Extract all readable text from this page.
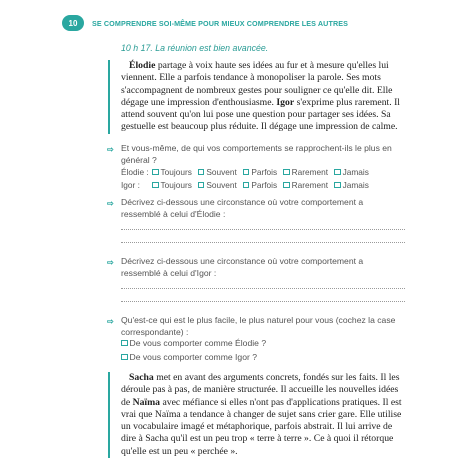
10	SE COMPRENDRE SOI-MÊME POUR MIEUX COMPRENDRE LES AUTRES
10 h 17. La réunion est bien avancée.

Élodie partage à voix haute ses idées au fur et à mesure qu'elles lui viennent. Elle a parfois tendance à monopoliser la parole. Ses mots s'accompagnent de nombreux gestes pour souligner ce qu'elle dit. Elle dégage une impression d'enthousiasme. Igor s'exprime plus rarement. Il attend souvent qu'on lui pose une question pour partager ses idées. Sa gestuelle est beaucoup plus réduite. Il dégage une impression de calme.

⇨ Et vous-même, de qui vos comportements se rapprochent-ils le plus en général ?
Élodie :	Toujours Souvent Parfois Rarement Jamais
Igor :	Toujours Souvent Parfois Rarement Jamais
⇨ Décrivez ci-dessous une circonstance où votre comportement a ressemblé à celui d'Élodie :
⇨ Décrivez ci-dessous une circonstance où votre comportement a ressemblé à celui d'Igor :
⇨ Qu'est-ce qui est le plus facile, le plus naturel pour vous (cochez la case correspondante) :
De vous comporter comme Élodie ?
De vous comporter comme Igor ?

Sacha met en avant des arguments concrets, fondés sur les faits. Il les déroule pas à pas, de manière structurée. Il accueille les nouvelles idées de Naïma avec méfiance si elles n'ont pas d'applications pratiques. Il est vrai que Naïma a tendance à changer de sujet sans crier gare. Elle utilise un vocabulaire imagé et métaphorique, parfois abstrait. Il lui arrive de dire à Sacha qu'il est un peu trop « terre à terre ». Ce à quoi il rétorque qu'elle est un peu « perchée ».
